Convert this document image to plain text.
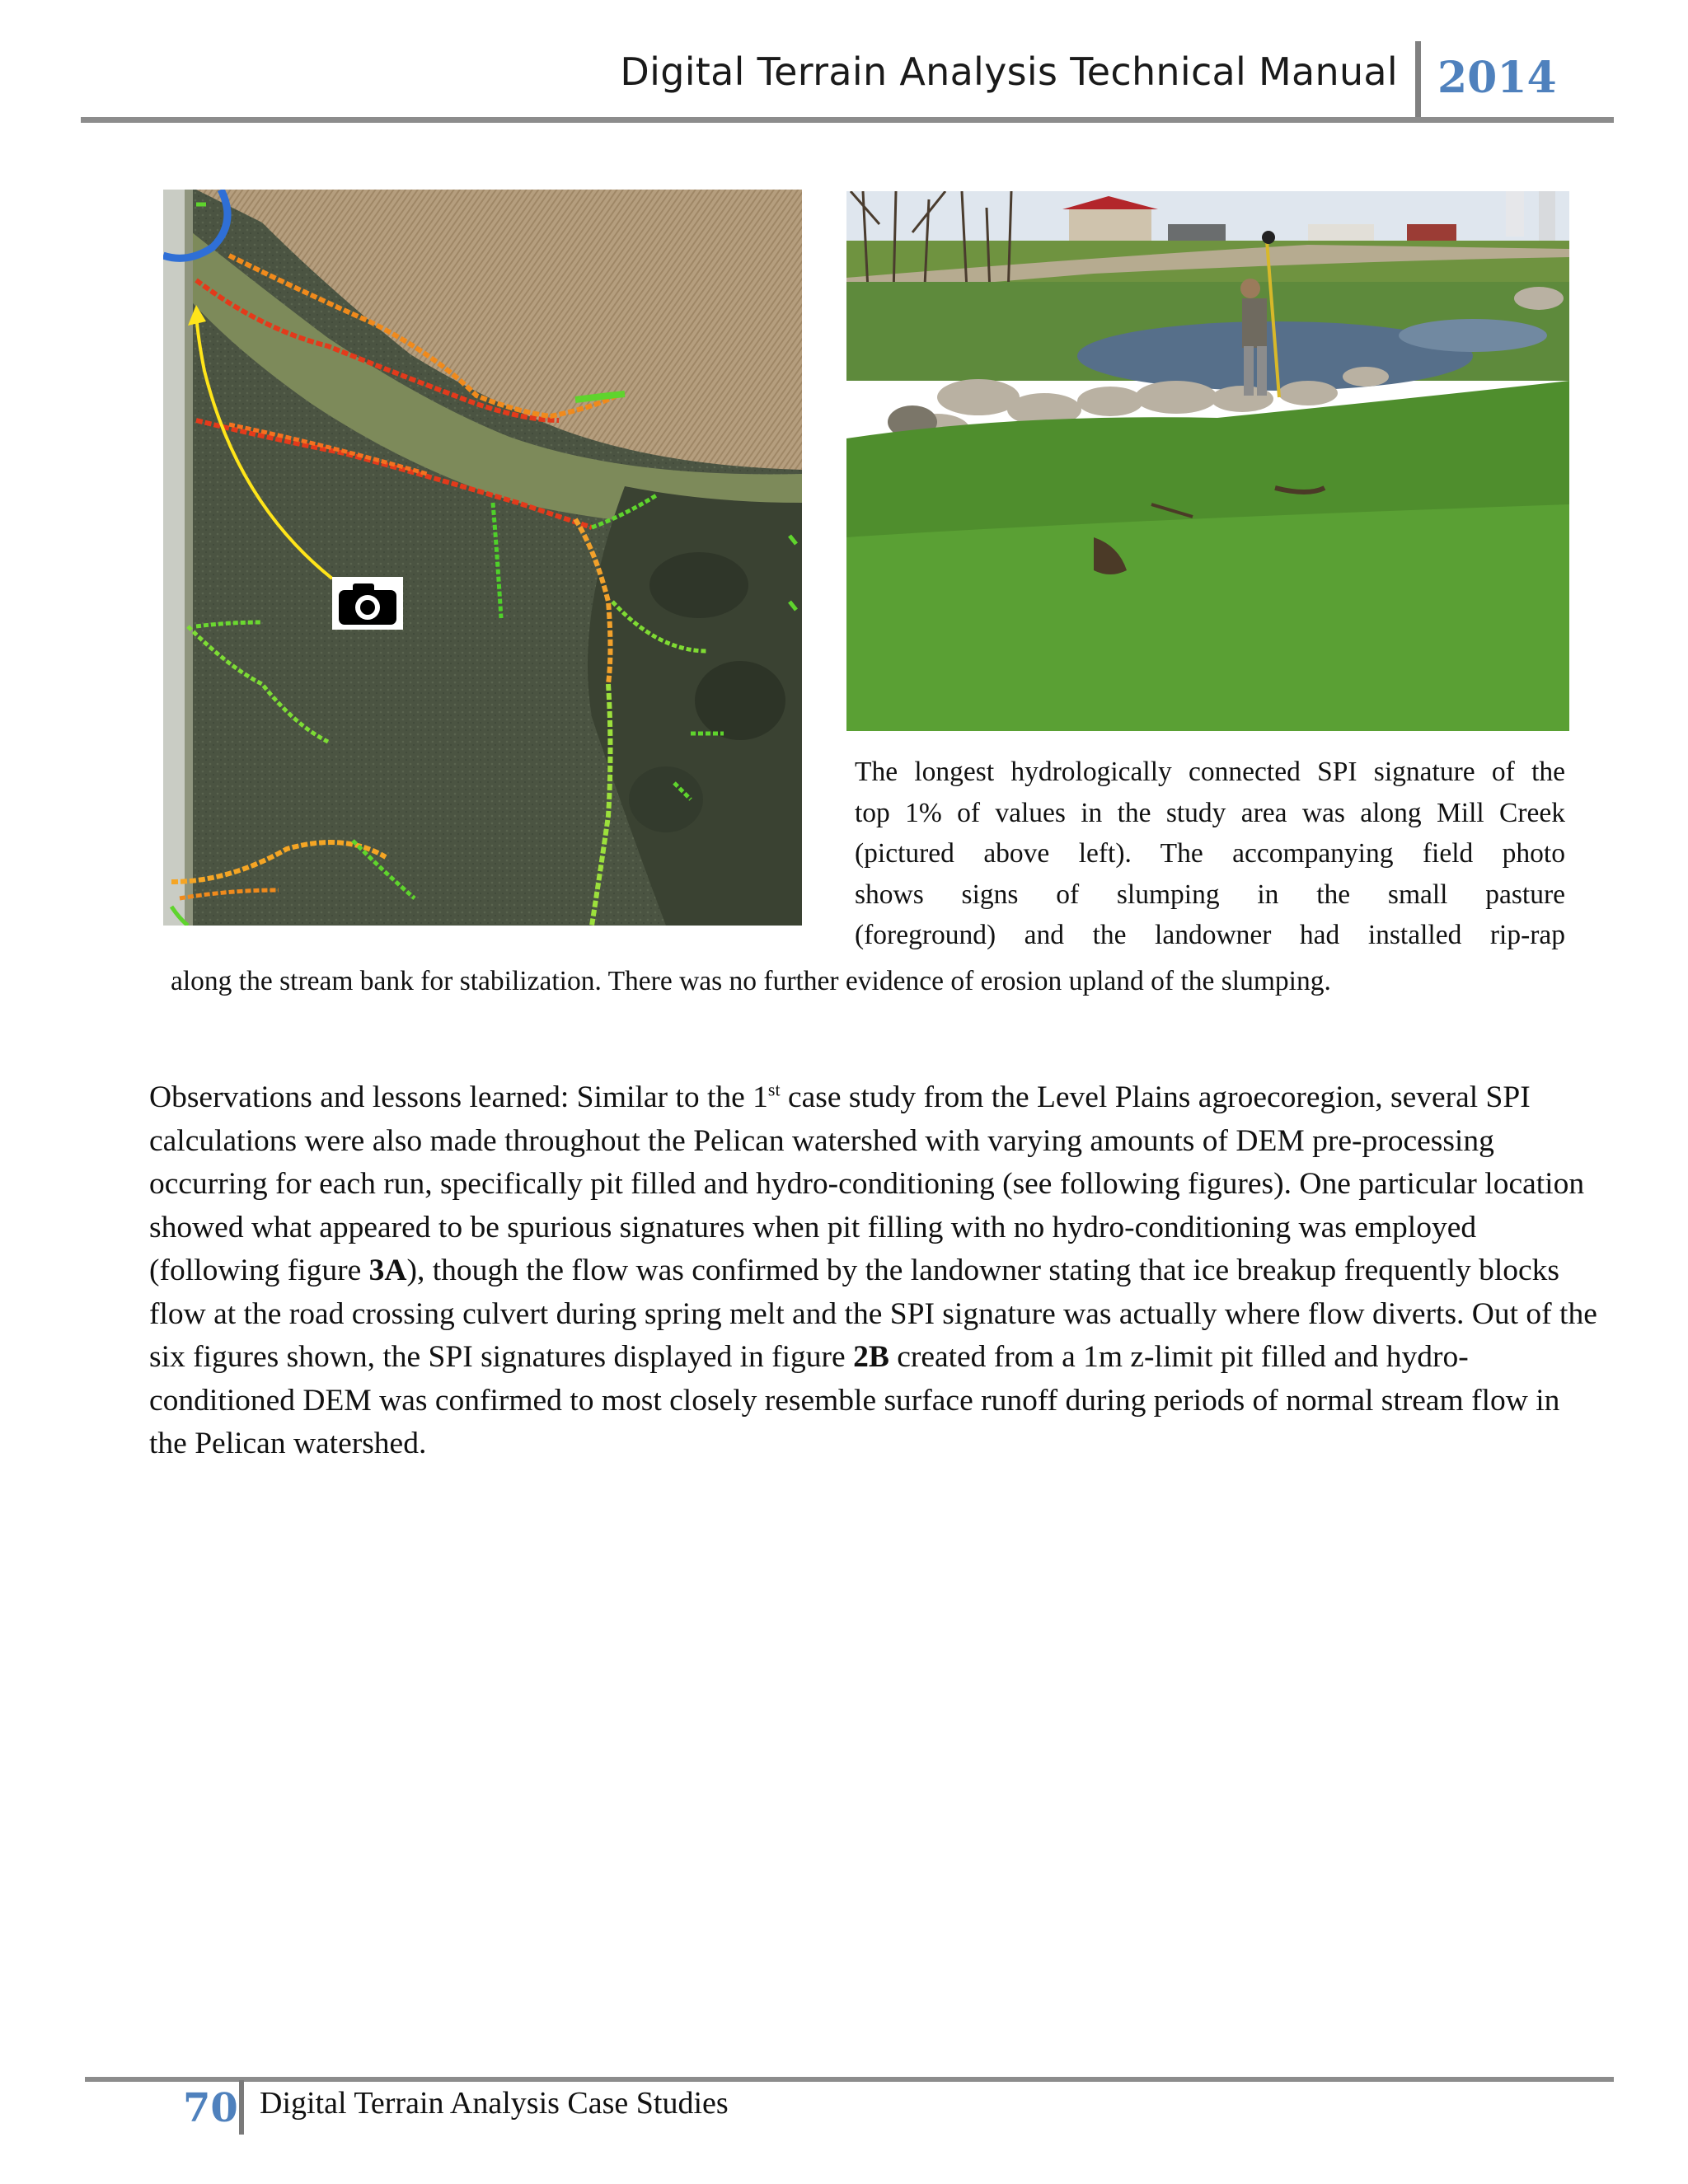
Digital Terrain Analysis Technical Manual 2014
The longest hydrologically connected SPI signature of the
top 1% of values in the study area was along Mill Creek
(pictured above left). The accompanying field photo
shows signs of slumping in the small pasture
(foreground) and the landowner had installed rip-rap
along the stream bank for stabilization. There was no further evidence of erosion upland of the slumping.
Observations and lessons learned: Similar to the 1st case study from the Level Plains agroecoregion, several SPI calculations were also made throughout the Pelican watershed with varying amounts of DEM pre-processing occurring for each run, specifically pit filled and hydro-conditioning (see following figures). One particular location showed what appeared to be spurious signatures when pit filling with no hydro-conditioning was employed (following figure 3A), though the flow was confirmed by the landowner stating that ice breakup frequently blocks flow at the road crossing culvert during spring melt and the SPI signature was actually where flow diverts. Out of the six figures shown, the SPI signatures displayed in figure 2B created from a 1m z-limit pit filled and hydro-conditioned DEM was confirmed to most closely resemble surface runoff during periods of normal stream flow in the Pelican watershed.
70 Digital Terrain Analysis Case Studies
